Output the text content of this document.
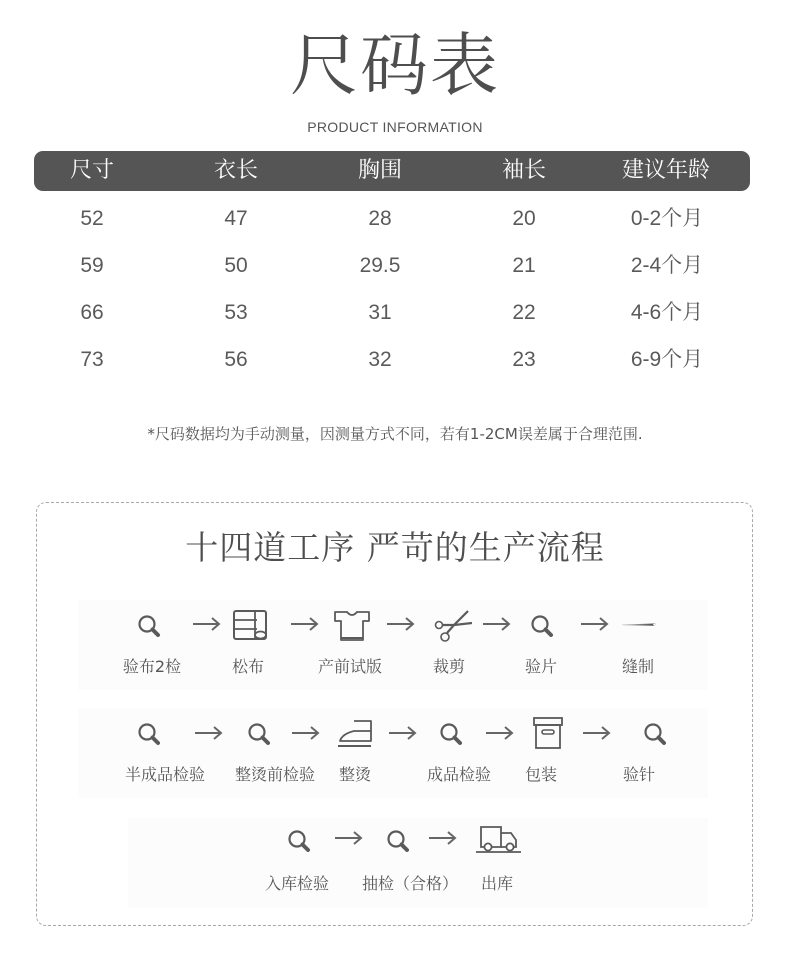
尺码表
PRODUCT INFORMATION
尺寸	衣长	胸围	袖长	建议年龄
52	47	28	20	0-2个月
59	50	29.5	21	2-4个月
66	53	31	22	4-6个月
73	56	32	23	6-9个月
*尺码数据均为手动测量，因测量方式不同，若有1-2CM误差属于合理范围.
十四道工序 严苛的生产流程
验布2检	松布	产前试版	裁剪	验片	缝制
半成品检验 整烫前检验 整烫	成品检验 包装	验针
入库检验 抽检（合格） 出库
